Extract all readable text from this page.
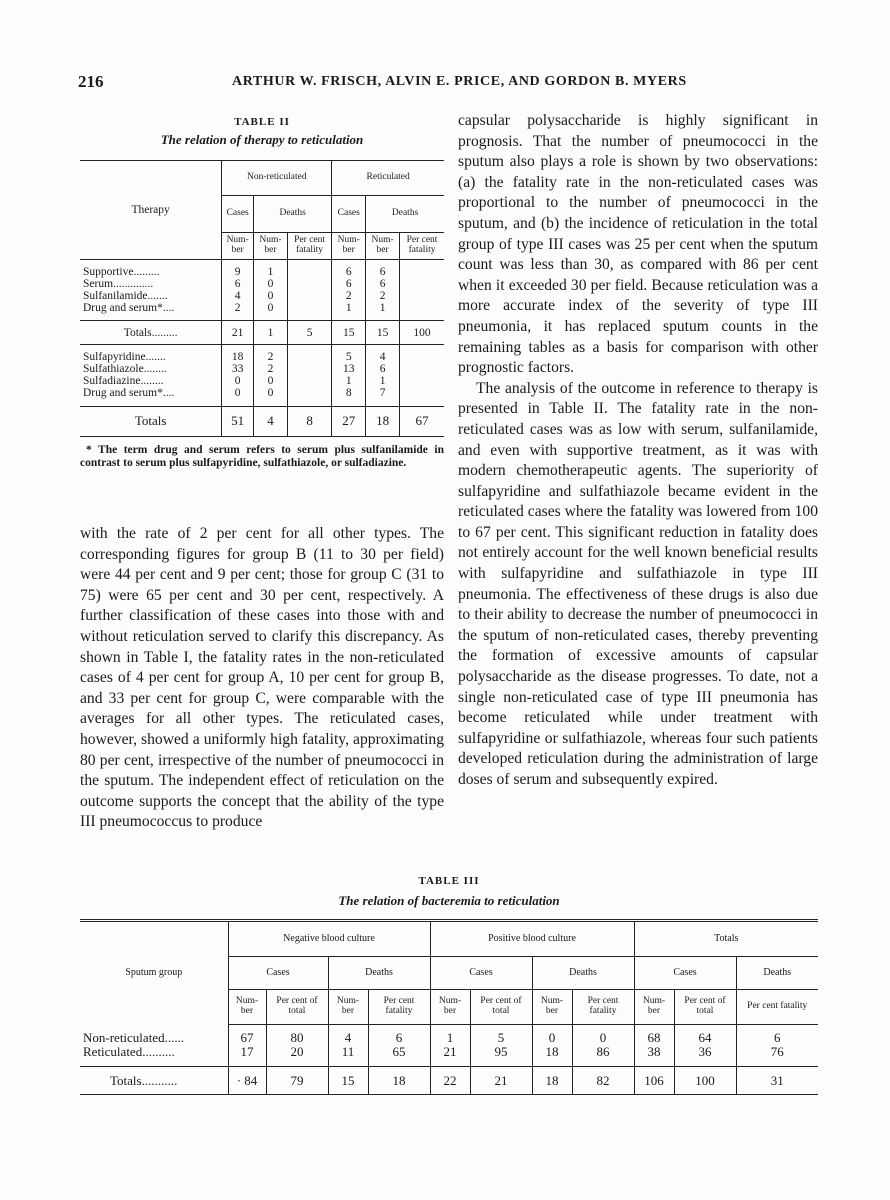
216	ARTHUR W. FRISCH, ALVIN E. PRICE, AND GORDON B. MYERS
TABLE II
The relation of therapy to reticulation
Therapy	Non-reticulated			Reticulated		
	Cases	Deaths		Cases	Deaths	
	Num-ber	Num-ber	Per cent fatality	Num-ber	Num-ber	Per cent fatality

Supportive.........	9	1		6	6	
Serum..............	6	0		6	6	
Sulfanilamide.......	4	0		2	2	
Drug and serum*....	2	0		1	1	

Totals.........	21	1	5	15	15	100

Sulfapyridine.......	18	2		5	4	
Sulfathiazole........	33	2		13	6	
Sulfadiazine........	0	0		1	1	
Drug and serum*....	0	0		8	7	

Totals	51	4	8	27	18	67
* The term drug and serum refers to serum plus sulfanilamide in contrast to serum plus sulfapyridine, sulfathiazole, or sulfadiazine.

with the rate of 2 per cent for all other types. The corresponding figures for group B (11 to 30 per field) were 44 per cent and 9 per cent; those for group C (31 to 75) were 65 per cent and 30 per cent, respectively. A further classification of these cases into those with and without reticulation served to clarify this discrepancy. As shown in Table I, the fatality rates in the non-reticulated cases of 4 per cent for group A, 10 per cent for group B, and 33 per cent for group C, were comparable with the averages for all other types. The reticulated cases, however, showed a uniformly high fatality, approximating 80 per cent, irrespective of the number of pneumococci in the sputum. The independent effect of reticulation on the outcome supports the concept that the ability of the type III pneumococcus to produce

capsular polysaccharide is highly significant in prognosis. That the number of pneumococci in the sputum also plays a role is shown by two observations: (a) the fatality rate in the non-reticulated cases was proportional to the number of pneumococci in the sputum, and (b) the incidence of reticulation in the total group of type III cases was 25 per cent when the sputum count was less than 30, as compared with 86 per cent when it exceeded 30 per field. Because reticulation was a more accurate index of the severity of type III pneumonia, it has replaced sputum counts in the remaining tables as a basis for comparison with other prognostic factors.

The analysis of the outcome in reference to therapy is presented in Table II. The fatality rate in the non-reticulated cases was as low with serum, sulfanilamide, and even with supportive treatment, as it was with modern chemotherapeutic agents. The superiority of sulfapyridine and sulfathiazole became evident in the reticulated cases where the fatality was lowered from 100 to 67 per cent. This significant reduction in fatality does not entirely account for the well known beneficial results with sulfapyridine and sulfathiazole in type III pneumonia. The effectiveness of these drugs is also due to their ability to decrease the number of pneumococci in the sputum of non-reticulated cases, thereby preventing the formation of excessive amounts of capsular polysaccharide as the disease progresses. To date, not a single non-reticulated case of type III pneumonia has become reticulated while under treatment with sulfapyridine or sulfathiazole, whereas four such patients developed reticulation during the administration of large doses of serum and subsequently expired.

TABLE III
The relation of bacteremia to reticulation
Sputum group	Negative blood culture				Positive blood culture				Totals		
	Cases		Deaths		Cases		Deaths		Cases		Deaths
	Num-ber	Per cent of total	Num-ber	Per cent fatality	Num-ber	Per cent of total	Num-ber	Per cent fatality	Num-ber	Per cent of total	Per cent fatality
Non-reticulated......	67	80	4	6	1	5	0	0	68	64	6
Reticulated..........	17	20	11	65	21	95	18	86	38	36	76
Totals...........	· 84	79	15	18	22	21	18	82	106	100	31
